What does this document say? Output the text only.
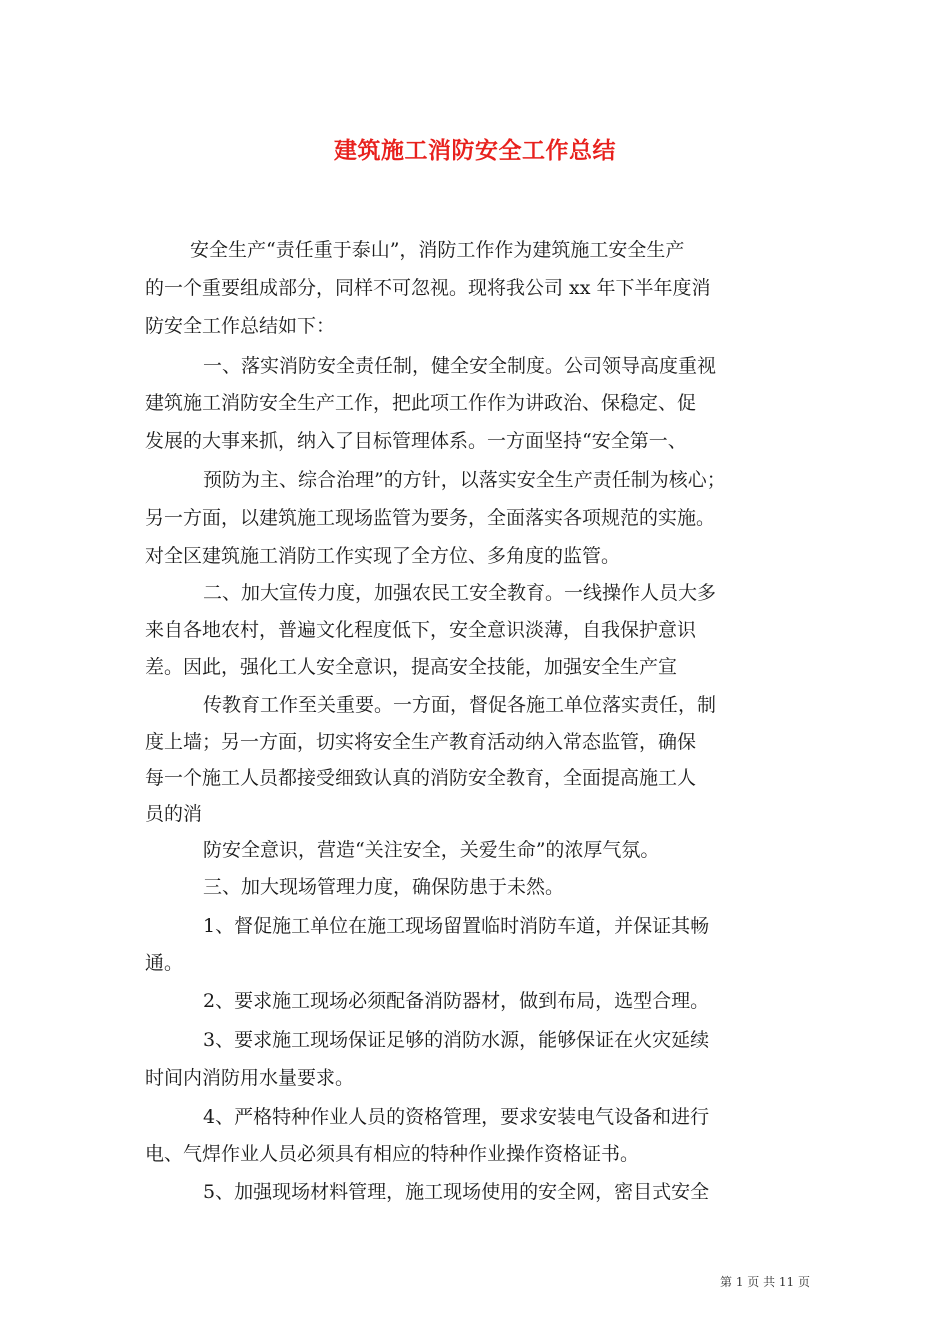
建筑施工消防安全工作总结
安全生产“责任重于泰山”，消防工作作为建筑施工安全生产
的一个重要组成部分，同样不可忽视。现将我公司 xx 年下半年度消
防安全工作总结如下：
一、落实消防安全责任制，健全安全制度。公司领导高度重视
建筑施工消防安全生产工作，把此项工作作为讲政治、保稳定、促
发展的大事来抓，纳入了目标管理体系。一方面坚持“安全第一、
预防为主、综合治理”的方针，以落实安全生产责任制为核心；
另一方面，以建筑施工现场监管为要务，全面落实各项规范的实施。
对全区建筑施工消防工作实现了全方位、多角度的监管。
二、加大宣传力度，加强农民工安全教育。一线操作人员大多
来自各地农村，普遍文化程度低下，安全意识淡薄，自我保护意识
差。因此，强化工人安全意识，提高安全技能，加强安全生产宣
传教育工作至关重要。一方面，督促各施工单位落实责任，制
度上墙；另一方面，切实将安全生产教育活动纳入常态监管，确保
每一个施工人员都接受细致认真的消防安全教育，全面提高施工人
员的消
防安全意识，营造“关注安全，关爱生命”的浓厚气氛。
三、加大现场管理力度，确保防患于未然。
1、督促施工单位在施工现场留置临时消防车道，并保证其畅
通。
2、要求施工现场必须配备消防器材，做到布局，选型合理。
3、要求施工现场保证足够的消防水源，能够保证在火灾延续
时间内消防用水量要求。
4、严格特种作业人员的资格管理，要求安装电气设备和进行
电、气焊作业人员必须具有相应的特种作业操作资格证书。
5、加强现场材料管理，施工现场使用的安全网，密目式安全
第 1 页 共 11 页
